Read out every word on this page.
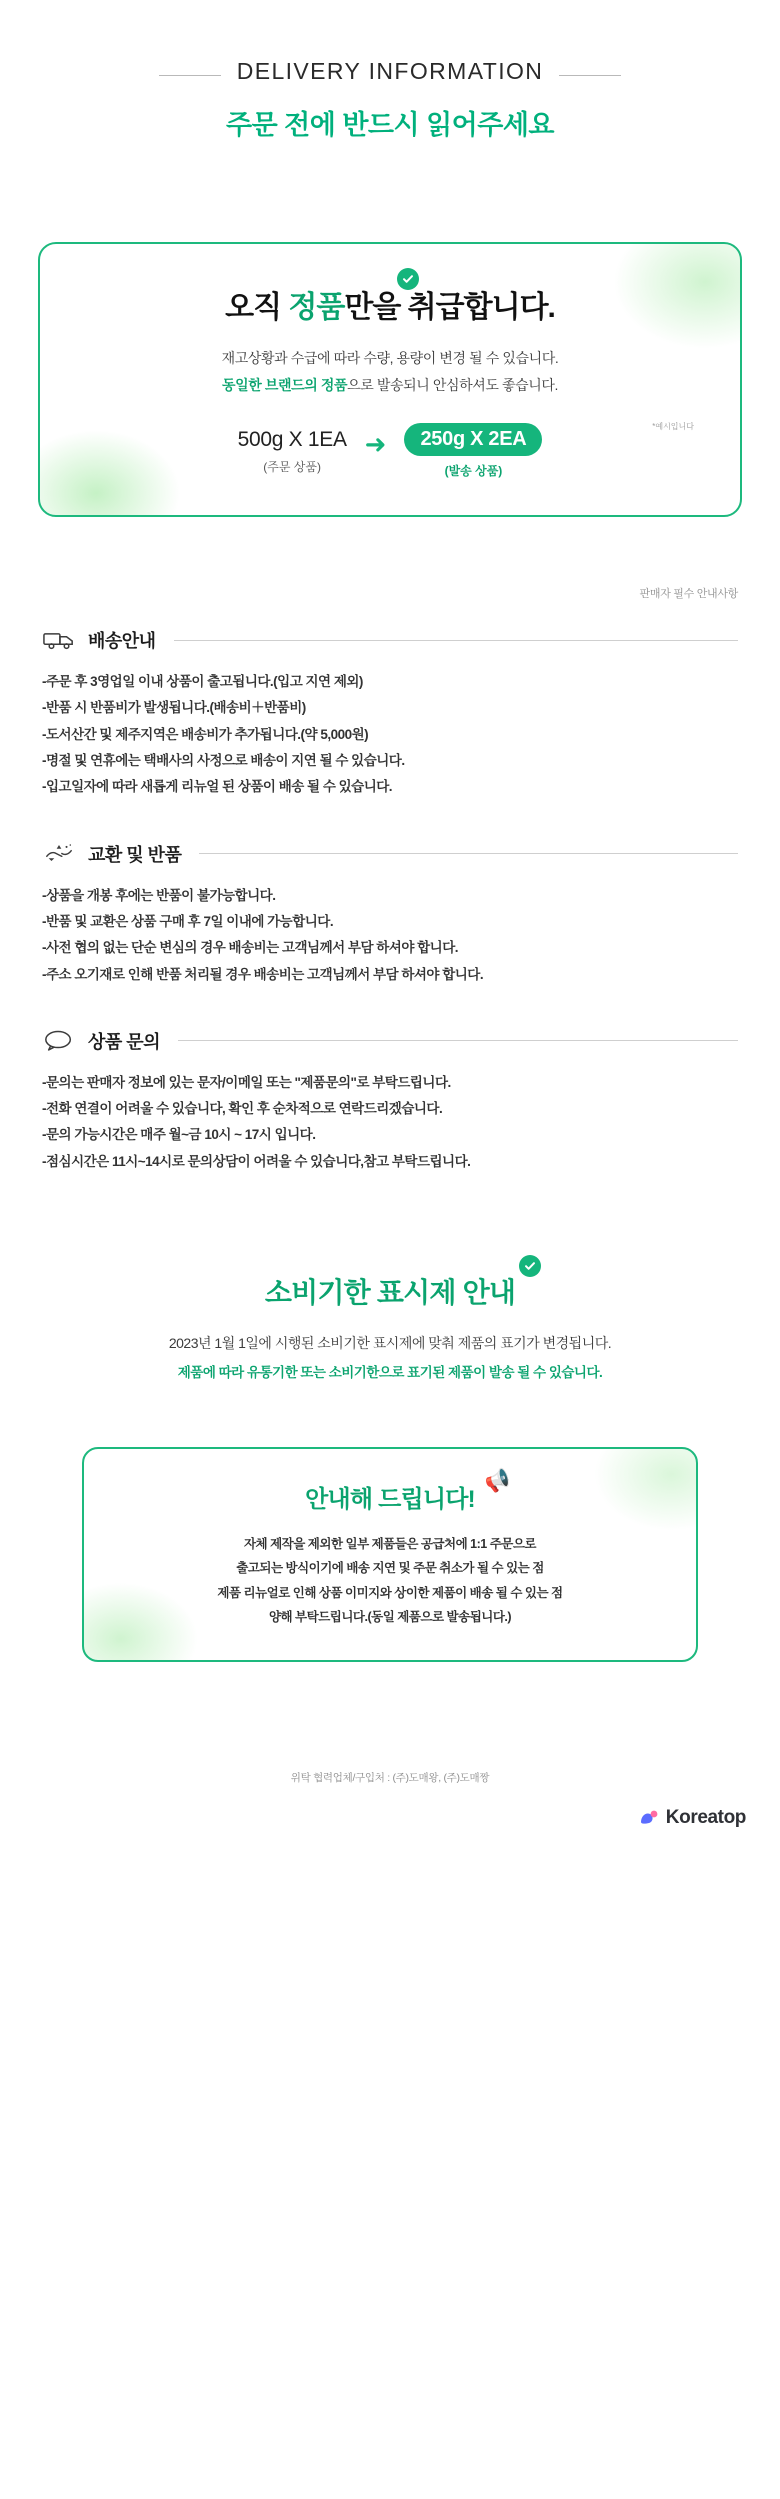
DELIVERY INFORMATION
주문 전에 반드시 읽어주세요
오직 정품만을 취급합니다.
재고상황과 수급에 따라 수량, 용량이 변경 될 수 있습니다.
동일한 브랜드의 정품으로 발송되니 안심하셔도 좋습니다.
*예시입니다
500g X 1EA
(주문 상품)
➜	250g X 2EA
(발송 상품)
판매자 필수 안내사항
배송안내
-주문 후 3영업일 이내 상품이 출고됩니다.(입고 지연 제외)
-반품 시 반품비가 발생됩니다.(배송비＋반품비)
-도서산간 및 제주지역은 배송비가 추가됩니다.(약 5,000원)
-명절 및 연휴에는 택배사의 사정으로 배송이 지연 될 수 있습니다.
-입고일자에 따라 새롭게 리뉴얼 된 상품이 배송 될 수 있습니다.
교환 및 반품
-상품을 개봉 후에는 반품이 불가능합니다.
-반품 및 교환은 상품 구매 후 7일 이내에 가능합니다.
-사전 협의 없는 단순 변심의 경우 배송비는 고객님께서 부담 하셔야 합니다.
-주소 오기재로 인해 반품 처리될 경우 배송비는 고객님께서 부담 하셔야 합니다.
상품 문의
-문의는 판매자 정보에 있는 문자/이메일 또는 "제품문의"로 부탁드립니다.
-전화 연결이 어려울 수 있습니다, 확인 후 순차적으로 연락드리겠습니다.
-문의 가능시간은 매주 월~금 10시 ~ 17시 입니다.
-점심시간은 11시~14시로 문의상담이 어려울 수 있습니다,참고 부탁드립니다.
소비기한 표시제 안내
2023년 1월 1일에 시행된 소비기한 표시제에 맞춰 제품의 표기가 변경됩니다.
제품에 따라 유통기한 또는 소비기한으로 표기된 제품이 발송 될 수 있습니다.
안내해 드립니다!
📢

자체 제작을 제외한 일부 제품들은 공급처에 1:1 주문으로

출고되는 방식이기에 배송 지연 및 주문 취소가 될 수 있는 점

제품 리뉴얼로 인해 상품 이미지와 상이한 제품이 배송 될 수 있는 점

양해 부탁드립니다.(동일 제품으로 발송됩니다.)

위탁 협력업체/구입처 : (주)도매왕, (주)도매짱
Koreatop
